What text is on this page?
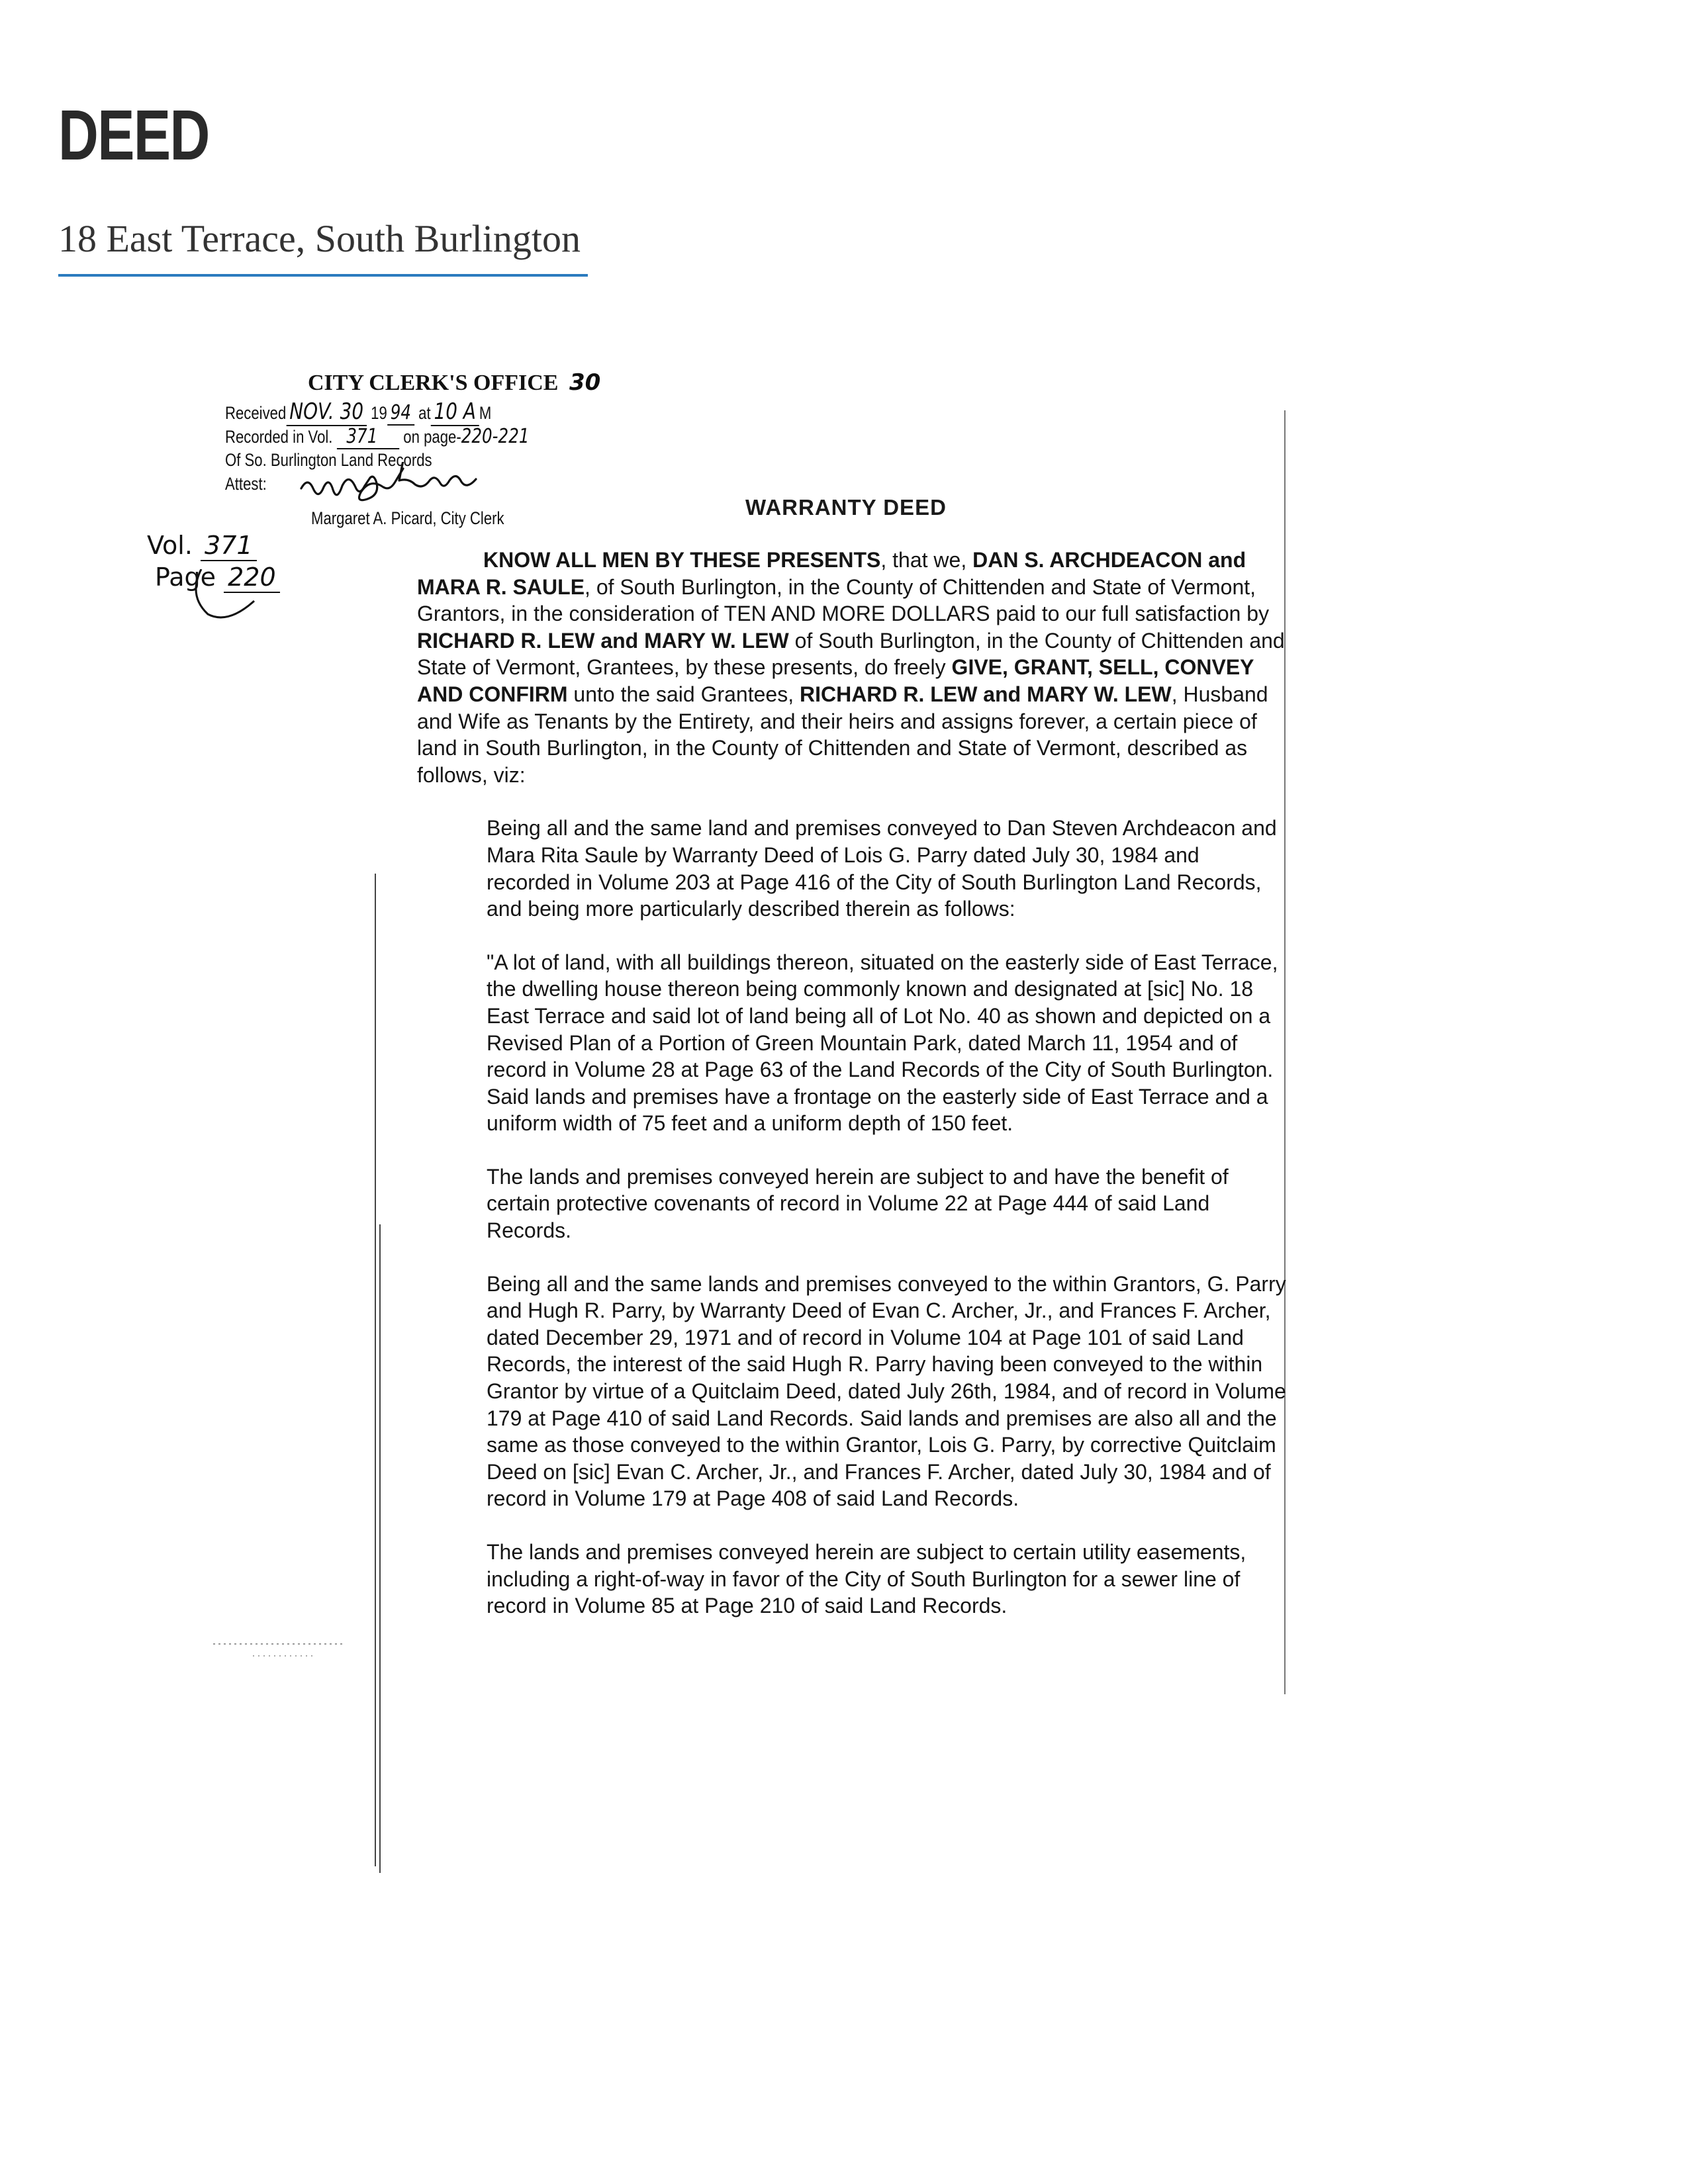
DEED
18 East Terrace, South Burlington
CITY CLERK'S OFFICE 30
Received NOV. 30 19 94 at 10 A M
Recorded in Vol. 371 on page-220-221
Of So. Burlington Land Records
Attest:
Margaret A. Picard, City Clerk
Vol. 371
Page 220
WARRANTY DEED

KNOW ALL MEN BY THESE PRESENTS, that we, DAN S. ARCHDEACON and MARA R. SAULE, of South Burlington, in the County of Chittenden and State of Vermont, Grantors, in the consideration of TEN AND MORE DOLLARS paid to our full satisfaction by RICHARD R. LEW and MARY W. LEW of South Burlington, in the County of Chittenden and State of Vermont, Grantees, by these presents, do freely GIVE, GRANT, SELL, CONVEY AND CONFIRM unto the said Grantees, RICHARD R. LEW and MARY W. LEW, Husband and Wife as Tenants by the Entirety, and their heirs and assigns forever, a certain piece of land in South Burlington, in the County of Chittenden and State of Vermont, described as follows, viz:

Being all and the same land and premises conveyed to Dan Steven Archdeacon and Mara Rita Saule by Warranty Deed of Lois G. Parry dated July 30, 1984 and recorded in Volume 203 at Page 416 of the City of South Burlington Land Records, and being more particularly described therein as follows:

"A lot of land, with all buildings thereon, situated on the easterly side of East Terrace, the dwelling house thereon being commonly known and designated at [sic] No. 18 East Terrace and said lot of land being all of Lot No. 40 as shown and depicted on a Revised Plan of a Portion of Green Mountain Park, dated March 11, 1954 and of record in Volume 28 at Page 63 of the Land Records of the City of South Burlington. Said lands and premises have a frontage on the easterly side of East Terrace and a uniform width of 75 feet and a uniform depth of 150 feet.

The lands and premises conveyed herein are subject to and have the benefit of certain protective covenants of record in Volume 22 at Page 444 of said Land Records.

Being all and the same lands and premises conveyed to the within Grantors, G. Parry and Hugh R. Parry, by Warranty Deed of Evan C. Archer, Jr., and Frances F. Archer, dated December 29, 1971 and of record in Volume 104 at Page 101 of said Land Records, the interest of the said Hugh R. Parry having been conveyed to the within Grantor by virtue of a Quitclaim Deed, dated July 26th, 1984, and of record in Volume 179 at Page 410 of said Land Records. Said lands and premises are also all and the same as those conveyed to the within Grantor, Lois G. Parry, by corrective Quitclaim Deed on [sic] Evan C. Archer, Jr., and Frances F. Archer, dated July 30, 1984 and of record in Volume 179 at Page 408 of said Land Records.

The lands and premises conveyed herein are subject to certain utility easements, including a right-of-way in favor of the City of South Burlington for a sewer line of record in Volume 85 at Page 210 of said Land Records.
